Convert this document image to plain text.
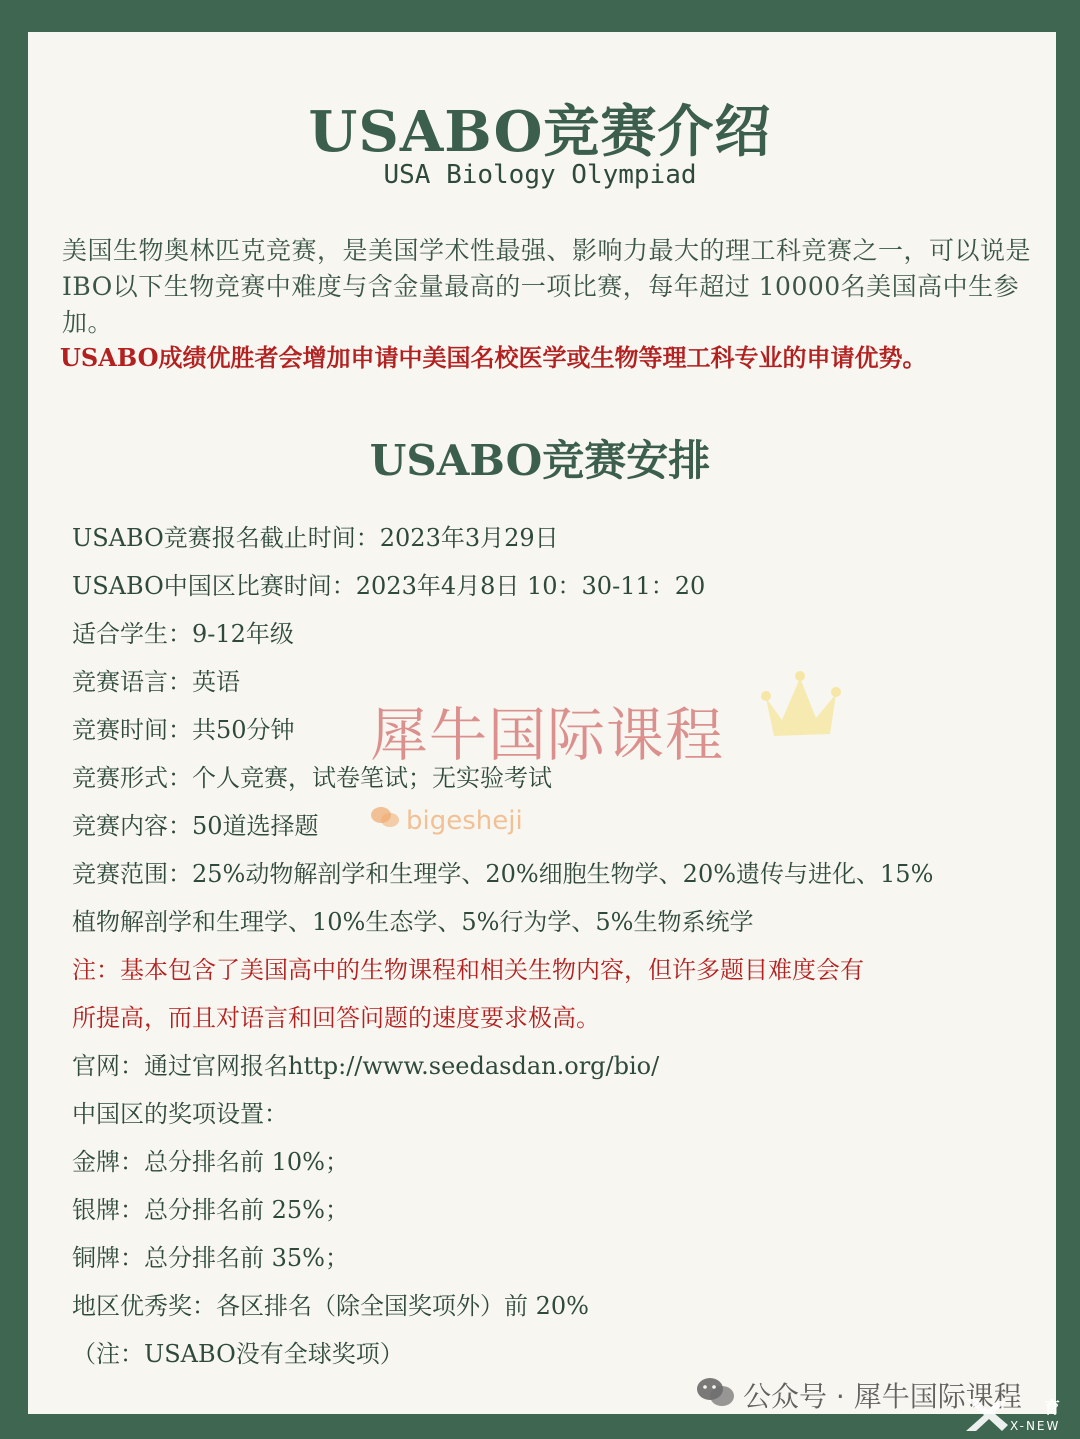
USABO竞赛介绍
USA Biology Olympiad

美国生物奥林匹克竞赛，是美国学术性最强、影响力最大的理工科竞赛之一，可以说是IBO以下生物竞赛中难度与含金量最高的一项比赛，每年超过 10000名美国高中生参加。

USABO成绩优胜者会增加申请中美国名校医学或生物等理工科专业的申请优势。

USABO竞赛安排

USABO竞赛报名截止时间：2023年3月29日

USABO中国区比赛时间：2023年4月8日 10：30-11：20

适合学生：9-12年级

竞赛语言：英语

竞赛时间：共50分钟

竞赛形式：个人竞赛，试卷笔试；无实验考试

竞赛内容：50道选择题

竞赛范围：25%动物解剖学和生理学、20%细胞生物学、20%遗传与进化、15%

植物解剖学和生理学、10%生态学、5%行为学、5%生物系统学

注：基本包含了美国高中的生物课程和相关生物内容，但许多题目难度会有

所提高，而且对语言和回答问题的速度要求极高。

官网：通过官网报名http://www.seedasdan.org/bio/

中国区的奖项设置：

金牌：总分排名前 10%；

银牌：总分排名前 25%；

铜牌：总分排名前 35%；

地区优秀奖：各区排名（除全国奖项外）前 20%

（注：USABO没有全球奖项）

犀牛国际课程
bigesheji
公众号 · 犀牛国际课程 育
X-NEW
